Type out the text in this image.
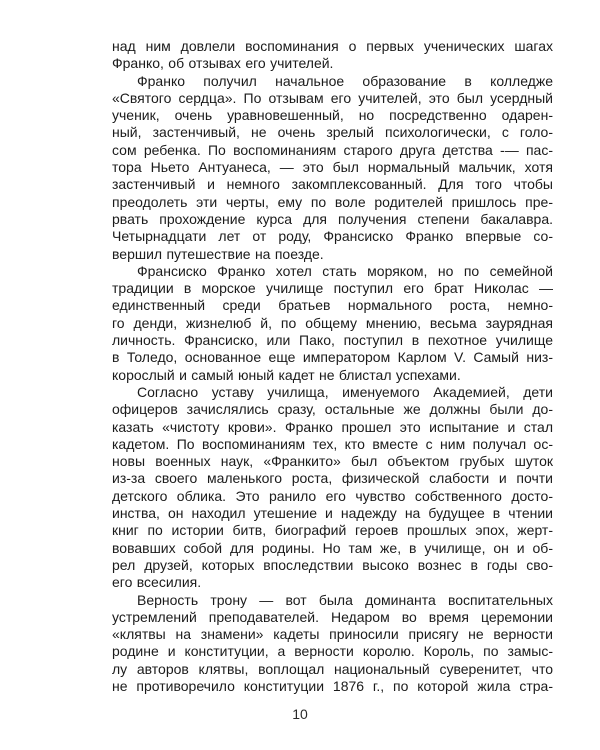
над ним довлели воспоминания о первых ученических шагах
Франко, об отзывах его учителей.
Франко получил начальное образование в колледже
«Святого сердца». По отзывам его учителей, это был усердный
ученик, очень уравновешенный, но посредственно одарен-
ный, застенчивый, не очень зрелый психологически, с голо-
сом ребенка. По воспоминаниям старого друга детства -— пас-
тора Ньето Антуанеса, — это был нормальный мальчик, хотя
застенчивый и немного закомплексованный. Для того чтобы
преодолеть эти черты, ему по воле родителей пришлось пре-
рвать прохождение курса для получения степени бакалавра.
Четырнадцати лет от роду, Франсиско Франко впервые со-
вершил путешествие на поезде.
Франсиско Франко хотел стать моряком, но по семейной
традиции в морское училище поступил его брат Николас —
единственный среди братьев нормального роста, немно-
го денди, жизнелюб й, по общему мнению, весьма заурядная
личность. Франсиско, или Пако, поступил в пехотное училище
в Толедо, основанное еще императором Карлом V. Самый низ-
корослый и самый юный кадет не блистал успехами.
Согласно уставу училища, именуемого Академией, дети
офицеров зачислялись сразу, остальные же должны были до-
казать «чистоту крови». Франко прошел это испытание и стал
кадетом. По воспоминаниям тех, кто вместе с ним получал ос-
новы военных наук, «Франкито» был объектом грубых шуток
из-за своего маленького роста, физической слабости и почти
детского облика. Это ранило его чувство собственного досто-
инства, он находил утешение и надежду на будущее в чтении
книг по истории битв, биографий героев прошлых эпох, жерт-
вовавших собой для родины. Но там же, в училище, он и об-
рел друзей, которых впоследствии высоко вознес в годы сво-
его всесилия.
Верность трону — вот была доминанта воспитательных
устремлений преподавателей. Недаром во время церемонии
«клятвы на знамени» кадеты приносили присягу не верности
родине и конституции, а верности королю. Король, по замыс-
лу авторов клятвы, воплощал национальный суверенитет, что
не противоречило конституции 1876 г., по которой жила стра-
10
